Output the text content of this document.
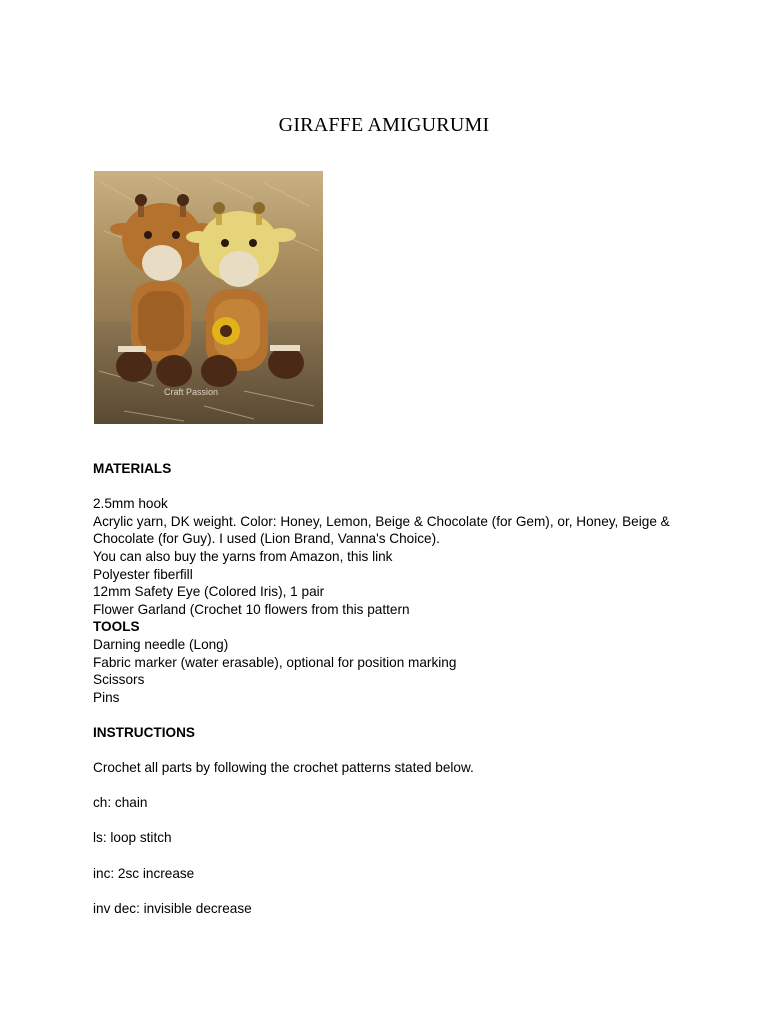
GIRAFFE AMIGURUMI
Craft Passion
MATERIALS
2.5mm hook
Acrylic yarn, DK weight. Color: Honey, Lemon, Beige & Chocolate (for Gem), or, Honey, Beige & Chocolate (for Guy). I used (Lion Brand, Vanna's Choice).
You can also buy the yarns from Amazon, this link
Polyester fiberfill
12mm Safety Eye (Colored Iris), 1 pair
Flower Garland (Crochet 10 flowers from this pattern
TOOLS
Darning needle (Long)
Fabric marker (water erasable), optional for position marking
Scissors
Pins
INSTRUCTIONS
Crochet all parts by following the crochet patterns stated below.
ch: chain
ls: loop stitch
inc: 2sc increase
inv dec: invisible decrease
